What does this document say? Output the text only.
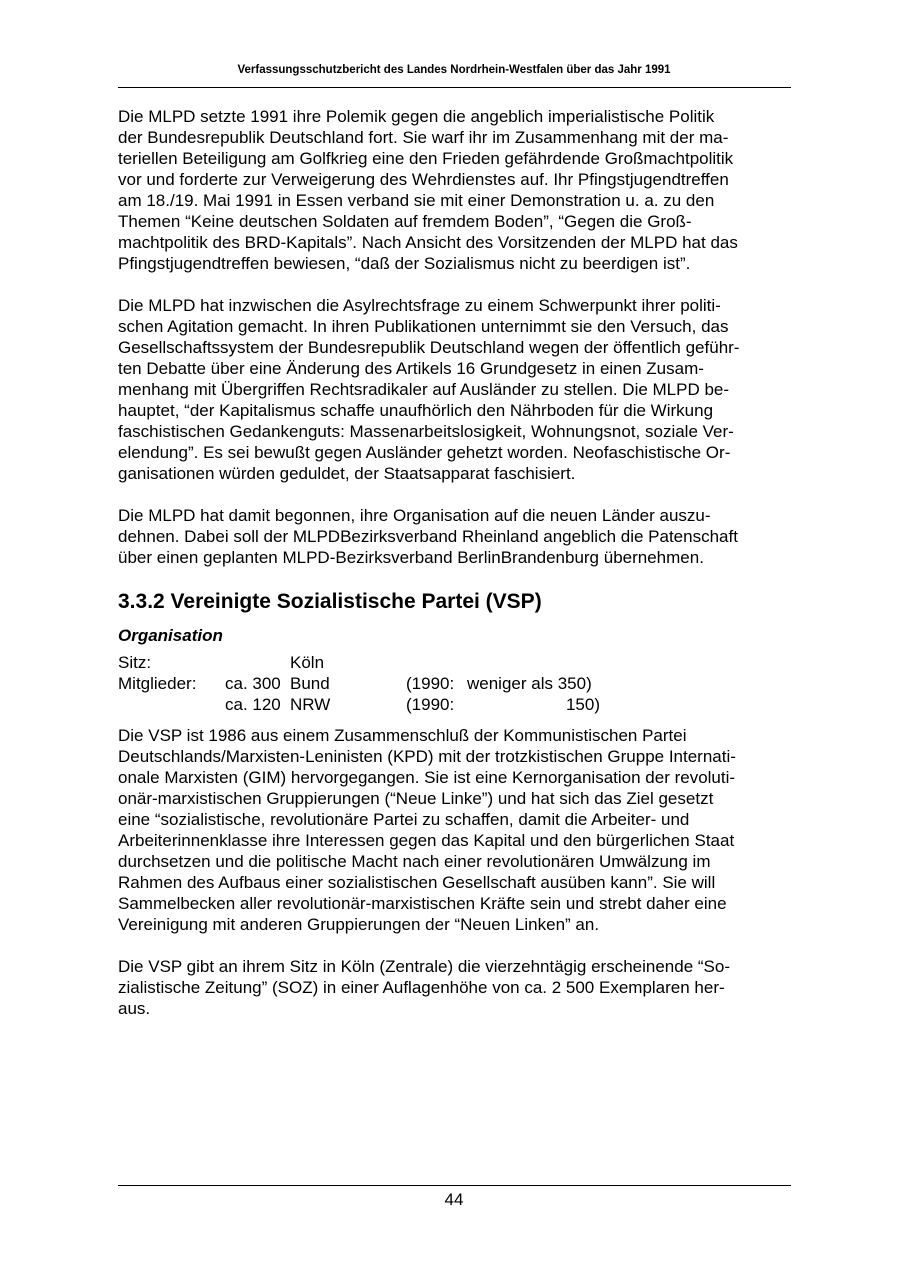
Verfassungsschutzbericht des Landes Nordrhein-Westfalen über das Jahr 1991

Die MLPD setzte 1991 ihre Polemik gegen die angeblich imperialistische Politik
der Bundesrepublik Deutschland fort. Sie warf ihr im Zusammenhang mit der ma-
teriellen Beteiligung am Golfkrieg eine den Frieden gefährdende Großmachtpolitik
vor und forderte zur Verweigerung des Wehrdienstes auf. Ihr Pfingstjugendtreffen
am 18./19. Mai 1991 in Essen verband sie mit einer Demonstration u. a. zu den
Themen “Keine deutschen Soldaten auf fremdem Boden”, “Gegen die Groß-
machtpolitik des BRD-Kapitals”. Nach Ansicht des Vorsitzenden der MLPD hat das
Pfingstjugendtreffen bewiesen, “daß der Sozialismus nicht zu beerdigen ist”.

Die MLPD hat inzwischen die Asylrechtsfrage zu einem Schwerpunkt ihrer politi-
schen Agitation gemacht. In ihren Publikationen unternimmt sie den Versuch, das
Gesellschaftssystem der Bundesrepublik Deutschland wegen der öffentlich geführ-
ten Debatte über eine Änderung des Artikels 16 Grundgesetz in einen Zusam-
menhang mit Übergriffen Rechtsradikaler auf Ausländer zu stellen. Die MLPD be-
hauptet, “der Kapitalismus schaffe unaufhörlich den Nährboden für die Wirkung
faschistischen Gedankenguts: Massenarbeitslosigkeit, Wohnungsnot, soziale Ver-
elendung”. Es sei bewußt gegen Ausländer gehetzt worden. Neofaschistische Or-
ganisationen würden geduldet, der Staatsapparat faschisiert.

Die MLPD hat damit begonnen, ihre Organisation auf die neuen Länder auszu-
dehnen. Dabei soll der MLPDBezirksverband Rheinland angeblich die Patenschaft
über einen geplanten MLPD-Bezirksverband BerlinBrandenburg übernehmen.

3.3.2 Vereinigte Sozialistische Partei (VSP)
Organisation
Sitz:	Köln
Mitglieder: ca. 300 Bund	(1990: weniger als 350)
ca. 120 NRW	(1990:	150)

Die VSP ist 1986 aus einem Zusammenschluß der Kommunistischen Partei
Deutschlands/Marxisten-Leninisten (KPD) mit der trotzkistischen Gruppe Internati-
onale Marxisten (GIM) hervorgegangen. Sie ist eine Kernorganisation der revoluti-
onär-marxistischen Gruppierungen (“Neue Linke”) und hat sich das Ziel gesetzt
eine “sozialistische, revolutionäre Partei zu schaffen, damit die Arbeiter- und
Arbeiterinnenklasse ihre Interessen gegen das Kapital und den bürgerlichen Staat
durchsetzen und die politische Macht nach einer revolutionären Umwälzung im
Rahmen des Aufbaus einer sozialistischen Gesellschaft ausüben kann”. Sie will
Sammelbecken aller revolutionär-marxistischen Kräfte sein und strebt daher eine
Vereinigung mit anderen Gruppierungen der “Neuen Linken” an.

Die VSP gibt an ihrem Sitz in Köln (Zentrale) die vierzehntägig erscheinende “So-
zialistische Zeitung” (SOZ) in einer Auflagenhöhe von ca. 2 500 Exemplaren her-
aus.

44
